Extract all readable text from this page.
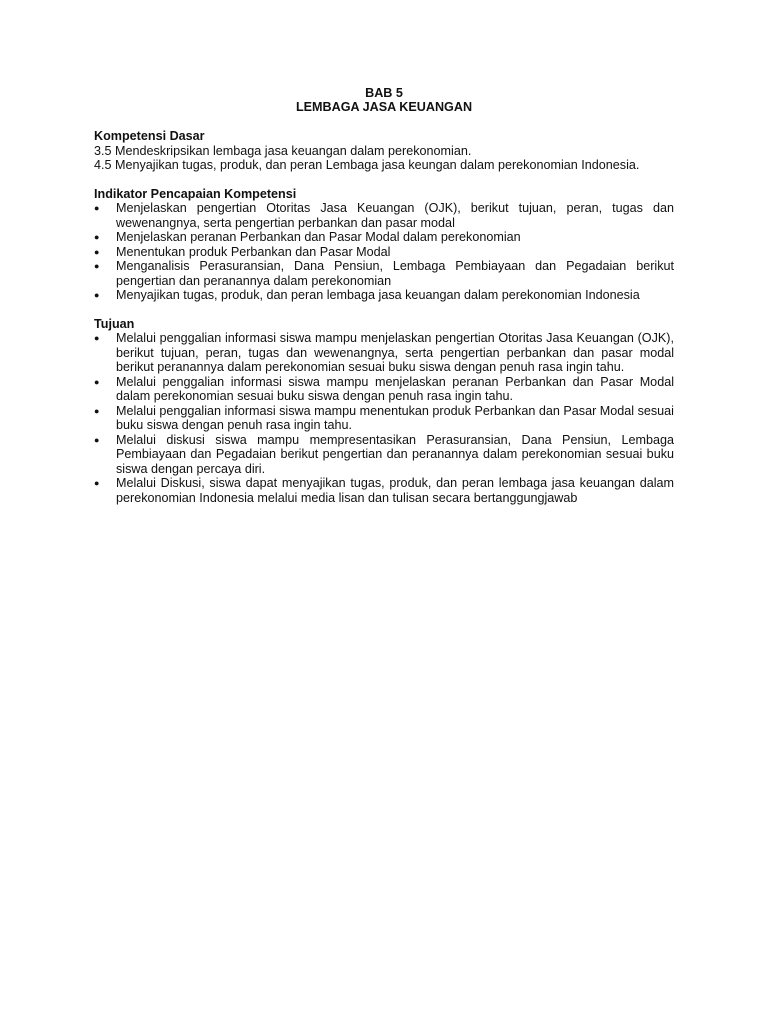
BAB 5
LEMBAGA JASA KEUANGAN
Kompetensi Dasar
3.5 Mendeskripsikan lembaga jasa keuangan dalam perekonomian.
4.5 Menyajikan tugas, produk, dan peran Lembaga jasa keungan dalam perekonomian Indonesia.
Indikator Pencapaian Kompetensi
●	Menjelaskan pengertian Otoritas Jasa Keuangan (OJK), berikut tujuan, peran, tugas dan wewenangnya, serta pengertian perbankan dan pasar modal
●	Menjelaskan peranan Perbankan dan Pasar Modal dalam perekonomian
●	Menentukan produk Perbankan dan Pasar Modal
●	Menganalisis Perasuransian, Dana Pensiun, Lembaga Pembiayaan dan Pegadaian berikut pengertian dan peranannya dalam perekonomian
●	Menyajikan tugas, produk, dan peran lembaga jasa keuangan dalam perekonomian Indonesia
Tujuan
●	Melalui penggalian informasi siswa mampu menjelaskan pengertian Otoritas Jasa Keuangan (OJK), berikut tujuan, peran, tugas dan wewenangnya, serta pengertian perbankan dan pasar modal berikut peranannya dalam perekonomian sesuai buku siswa dengan penuh rasa ingin tahu.
●	Melalui penggalian informasi siswa mampu menjelaskan peranan Perbankan dan Pasar Modal dalam perekonomian sesuai buku siswa dengan penuh rasa ingin tahu.
●	Melalui penggalian informasi siswa mampu menentukan produk Perbankan dan Pasar Modal sesuai buku siswa dengan penuh rasa ingin tahu.
●	Melalui diskusi siswa mampu mempresentasikan Perasuransian, Dana Pensiun, Lembaga Pembiayaan dan Pegadaian berikut pengertian dan peranannya dalam perekonomian sesuai buku siswa dengan percaya diri.
●	Melalui Diskusi, siswa dapat menyajikan tugas, produk, dan peran lembaga jasa keuangan dalam perekonomian Indonesia melalui media lisan dan tulisan secara bertanggungjawab
